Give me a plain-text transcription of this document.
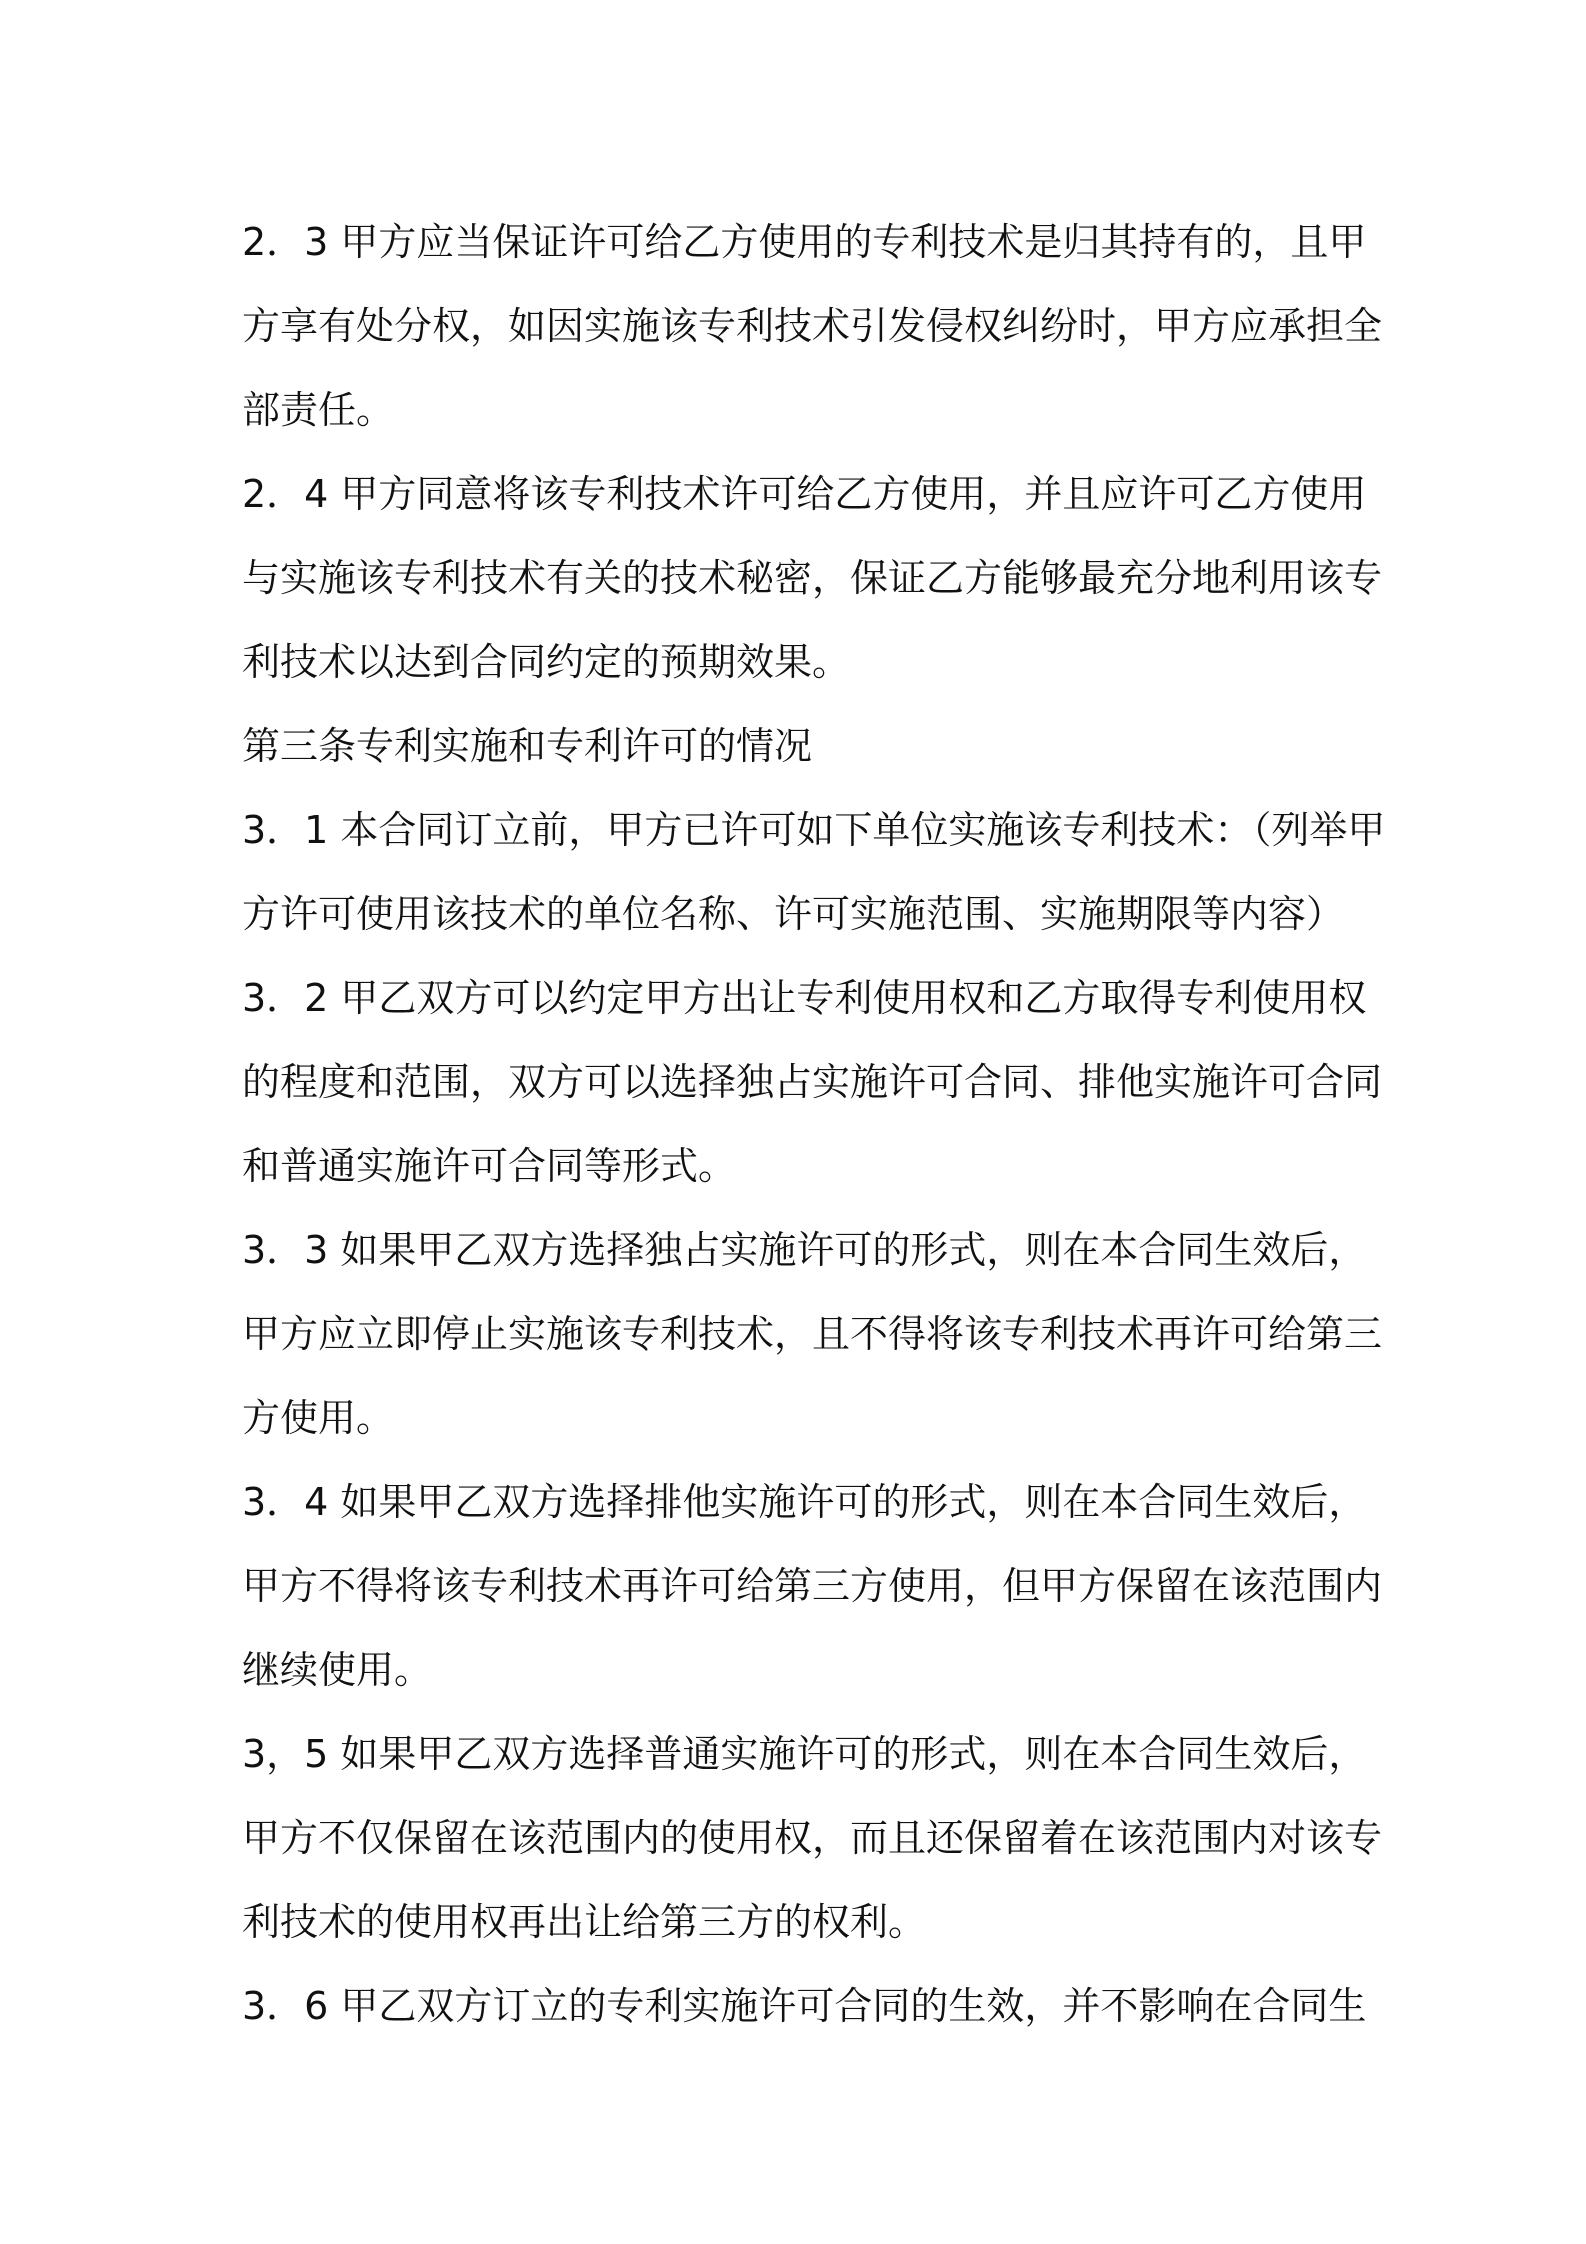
2．3 甲方应当保证许可给乙方使用的专利技术是归其持有的，且甲
方享有处分权，如因实施该专利技术引发侵权纠纷时，甲方应承担全
部责任。
2．4 甲方同意将该专利技术许可给乙方使用，并且应许可乙方使用
与实施该专利技术有关的技术秘密，保证乙方能够最充分地利用该专
利技术以达到合同约定的预期效果。
第三条专利实施和专利许可的情况
3．1 本合同订立前，甲方已许可如下单位实施该专利技术：（列举甲
方许可使用该技术的单位名称、许可实施范围、实施期限等内容）
3．2 甲乙双方可以约定甲方出让专利使用权和乙方取得专利使用权
的程度和范围，双方可以选择独占实施许可合同、排他实施许可合同
和普通实施许可合同等形式。
3．3 如果甲乙双方选择独占实施许可的形式，则在本合同生效后，
甲方应立即停止实施该专利技术，且不得将该专利技术再许可给第三
方使用。
3．4 如果甲乙双方选择排他实施许可的形式，则在本合同生效后，
甲方不得将该专利技术再许可给第三方使用，但甲方保留在该范围内
继续使用。
3，5 如果甲乙双方选择普通实施许可的形式，则在本合同生效后，
甲方不仅保留在该范围内的使用权，而且还保留着在该范围内对该专
利技术的使用权再出让给第三方的权利。
3．6 甲乙双方订立的专利实施许可合同的生效，并不影响在合同生
